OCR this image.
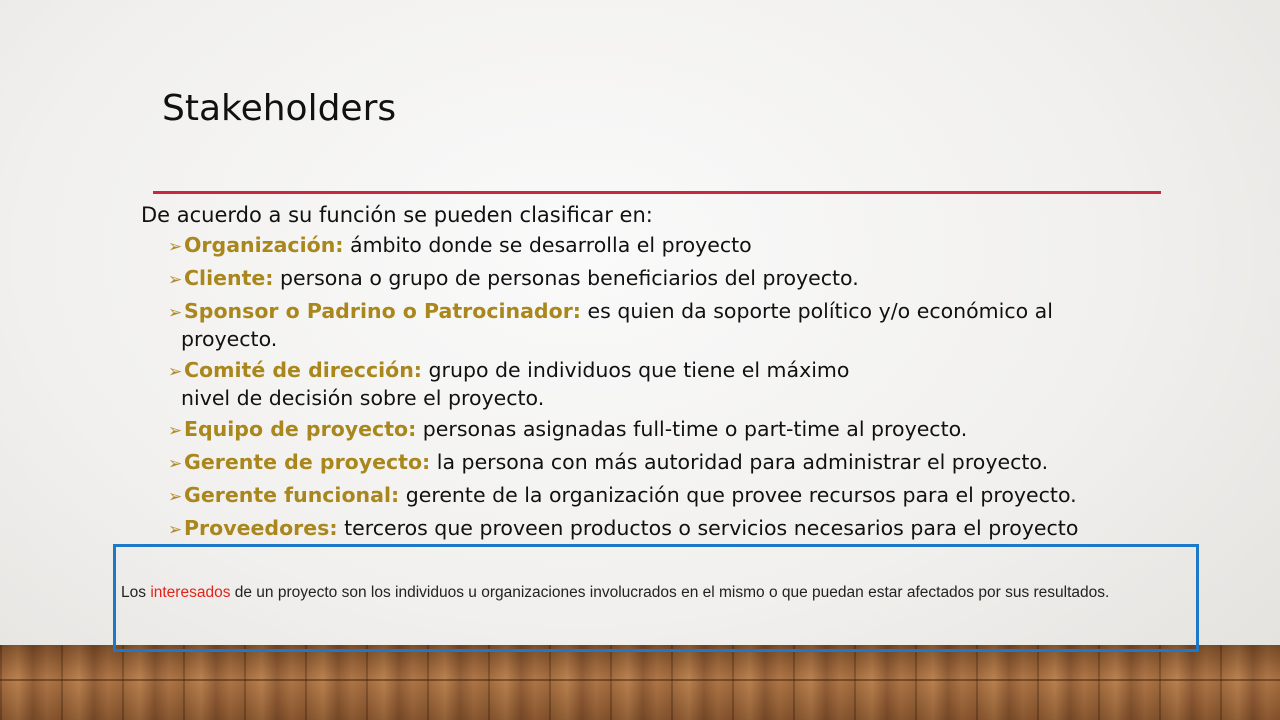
Stakeholders
De acuerdo a su función se pueden clasificar en:
➢Organización: ámbito donde se desarrolla el proyecto
➢Cliente: persona o grupo de personas beneficiarios del proyecto.
➢Sponsor o Padrino o Patrocinador: es quien da soporte político y/o económico al
proyecto.
➢Comité de dirección: grupo de individuos que tiene el máximo
nivel de decisión sobre el proyecto.
➢Equipo de proyecto: personas asignadas full-time o part-time al proyecto.
➢Gerente de proyecto: la persona con más autoridad para administrar el proyecto.
➢Gerente funcional: gerente de la organización que provee recursos para el proyecto.
➢Proveedores: terceros que proveen productos o servicios necesarios para el proyecto

Los interesados de un proyecto son los individuos u organizaciones involucrados en el mismo o que puedan estar afectados por sus resultados.
